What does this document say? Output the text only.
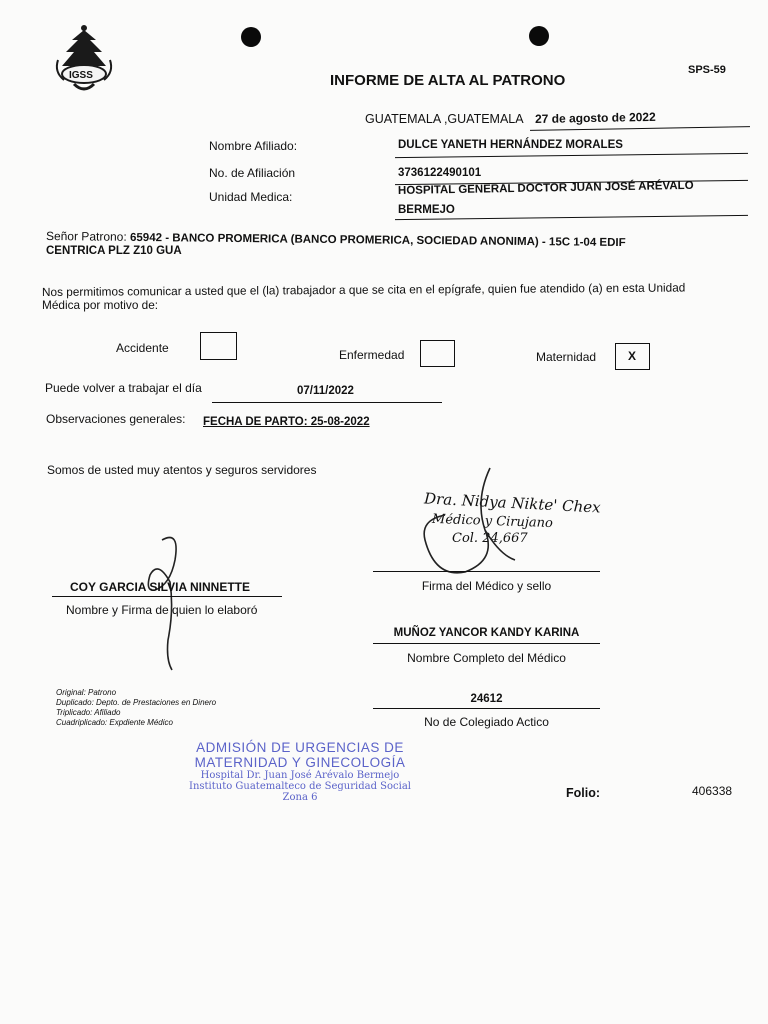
IGSS	SPS-59
INFORME DE ALTA AL PATRONO
GUATEMALA ,GUATEMALA 27 de agosto de 2022
Nombre Afiliado:	DULCE YANETH HERNÁNDEZ MORALES
No. de Afiliación	3736122490101
Unidad Medica:
HOSPITAL GENERAL DOCTOR JUAN JOSÉ ARÉVALO
BERMEJO
Señor Patrono: 65942 - BANCO PROMERICA (BANCO PROMERICA, SOCIEDAD ANONIMA) - 15C 1-04 EDIF
CENTRICA PLZ Z10 GUA
Nos permitimos comunicar a usted que el (la) trabajador a que se cita en el epígrafe, quien fue atendido (a) en esta Unidad
Médica por motivo de:
Accidente	Enfermedad	Maternidad	X
Puede volver a trabajar el día	07/11/2022
Observaciones generales: FECHA DE PARTO: 25-08-2022
Somos de usted muy atentos y seguros servidores
Dra. Nidya Nikte' Chex
Médico y Cirujano
Col. 24,667
Firma del Médico y sello
COY GARCIA SILVIA NINNETTE
Nombre y Firma de quien lo elaboró
MUÑOZ YANCOR KANDY KARINA
Nombre Completo del Médico
Original: Patrono
Duplicado: Depto. de Prestaciones en Dinero
Triplicado: Afiliado
Cuadriplicado: Expdiente Médico
24612
No de Colegiado Actico
ADMISIÓN DE URGENCIAS DE
MATERNIDAD Y GINECOLOGÍA
Hospital Dr. Juan José Arévalo Bermejo
Instituto Guatemalteco de Seguridad Social
Zona 6	Folio:	406338
